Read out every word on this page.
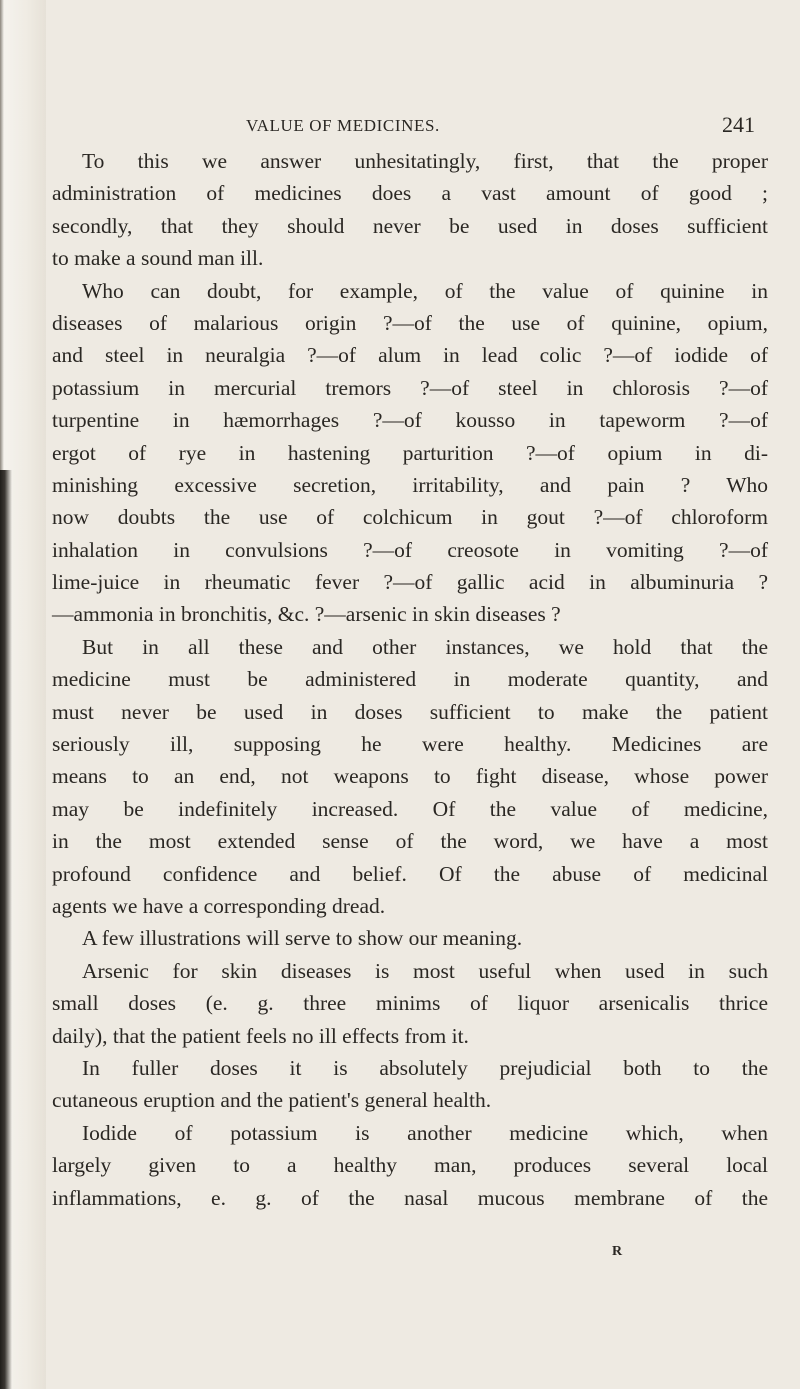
VALUE OF MEDICINES.	241
To this we answer unhesitatingly, first, that the proper
administration of medicines does a vast amount of good ;
secondly, that they should never be used in doses sufficient
to make a sound man ill.
Who can doubt, for example, of the value of quinine in
diseases of malarious origin ?—of the use of quinine, opium,
and steel in neuralgia ?—of alum in lead colic ?—of iodide of
potassium in mercurial tremors ?—of steel in chlorosis ?—of
turpentine in hæmorrhages ?—of kousso in tapeworm ?—of
ergot of rye in hastening parturition ?—of opium in di-
minishing excessive secretion, irritability, and pain ? Who
now doubts the use of colchicum in gout ?—of chloroform
inhalation in convulsions ?—of creosote in vomiting ?—of
lime-juice in rheumatic fever ?—of gallic acid in albuminuria ?
—ammonia in bronchitis, &c. ?—arsenic in skin diseases ?
But in all these and other instances, we hold that the
medicine must be administered in moderate quantity, and
must never be used in doses sufficient to make the patient
seriously ill, supposing he were healthy. Medicines are
means to an end, not weapons to fight disease, whose power
may be indefinitely increased. Of the value of medicine,
in the most extended sense of the word, we have a most
profound confidence and belief. Of the abuse of medicinal
agents we have a corresponding dread.
A few illustrations will serve to show our meaning.
Arsenic for skin diseases is most useful when used in such
small doses (e. g. three minims of liquor arsenicalis thrice
daily), that the patient feels no ill effects from it.
In fuller doses it is absolutely prejudicial both to the
cutaneous eruption and the patient's general health.
Iodide of potassium is another medicine which, when
largely given to a healthy man, produces several local
inflammations, e. g. of the nasal mucous membrane of the
R
